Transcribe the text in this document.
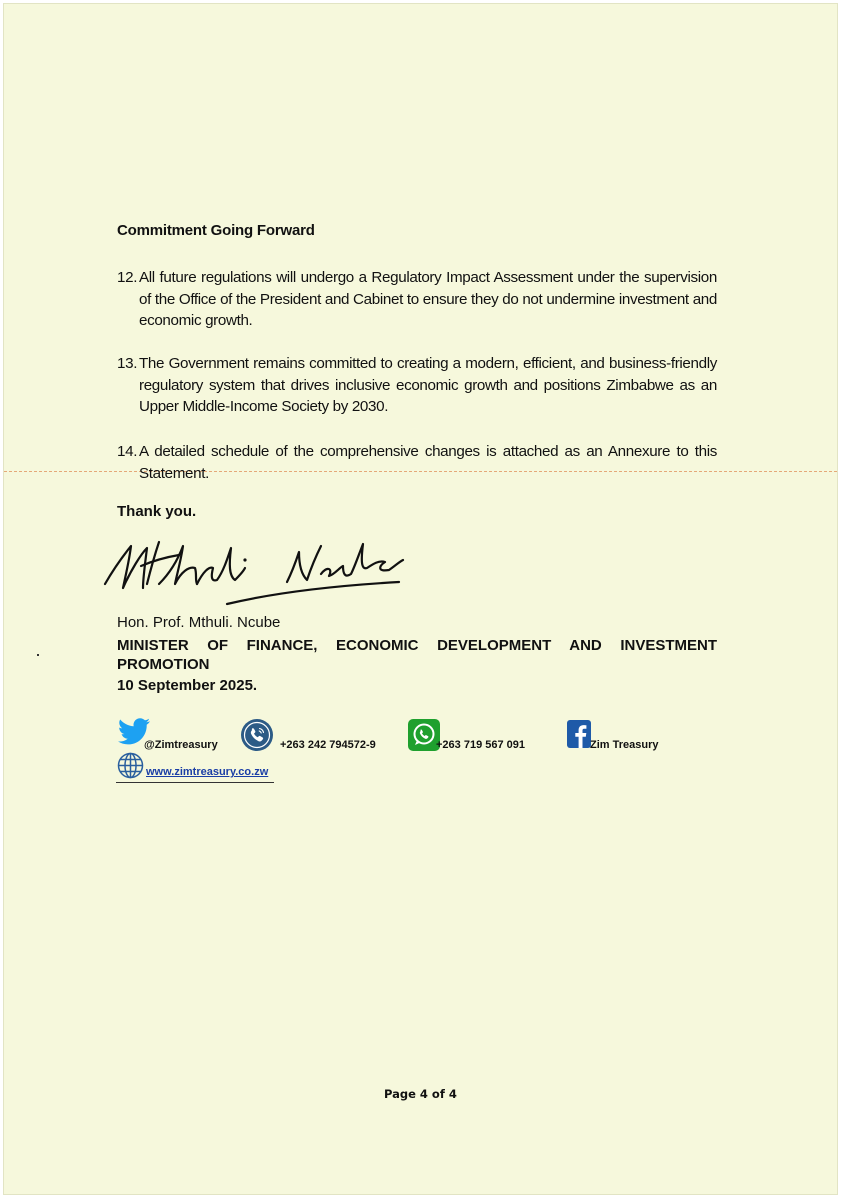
Commitment Going Forward
12. All future regulations will undergo a Regulatory Impact Assessment under the supervision of the Office of the President and Cabinet to ensure they do not undermine investment and economic growth.
13. The Government remains committed to creating a modern, efficient, and business-friendly regulatory system that drives inclusive economic growth and positions Zimbabwe as an Upper Middle-Income Society by 2030.
14. A detailed schedule of the comprehensive changes is attached as an Annexure to this Statement.
Thank you.
Hon. Prof. Mthuli. Ncube
MINISTER OF FINANCE, ECONOMIC DEVELOPMENT AND INVESTMENT
PROMOTION
10 September 2025.
@Zimtreasury	+263 242 794572-9	+263 719 567 091	Zim Treasury
www.zimtreasury.co.zw
Page 4 of 4
